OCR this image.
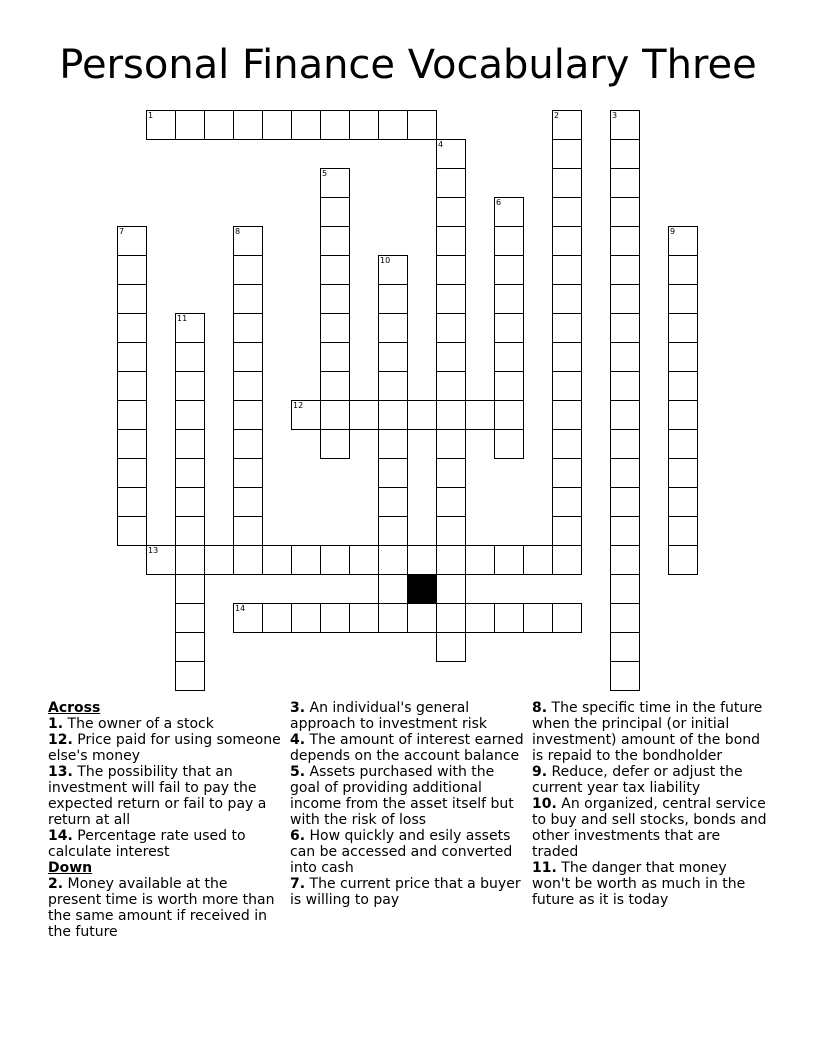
Personal Finance Vocabulary Three
1	2	3
4
5
6
7	8	9
10
11
12
13
14
Across
1. The owner of a stock
12. Price paid for using someone else's money
13. The possibility that an investment will fail to pay the expected return or fail to pay a return at all
14. Percentage rate used to calculate interest
Down
2. Money available at the present time is worth more than the same amount if received in the future
3. An individual's general approach to investment risk
4. The amount of interest earned depends on the account balance
5. Assets purchased with the goal of providing additional income from the asset itself but with the risk of loss
6. How quickly and esily assets can be accessed and converted into cash
7. The current price that a buyer is willing to pay
8. The specific time in the future when the principal (or initial investment) amount of the bond is repaid to the bondholder
9. Reduce, defer or adjust the current year tax liability
10. An organized, central service to buy and sell stocks, bonds and other investments that are traded
11. The danger that money won't be worth as much in the future as it is today
